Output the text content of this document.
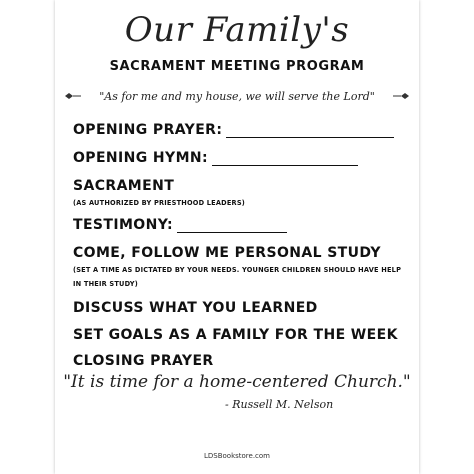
Our Family's
SACRAMENT MEETING PROGRAM
"As for me and my house, we will serve the Lord"
OPENING PRAYER:
OPENING HYMN:
SACRAMENT
(AS AUTHORIZED BY PRIESTHOOD LEADERS)
TESTIMONY:
COME, FOLLOW ME PERSONAL STUDY
(SET A TIME AS DICTATED BY YOUR NEEDS. YOUNGER CHILDREN SHOULD HAVE HELP
IN THEIR STUDY)
DISCUSS WHAT YOU LEARNED
SET GOALS AS A FAMILY FOR THE WEEK
CLOSING PRAYER
"It is time for a home-centered Church."
- Russell M. Nelson
LDSBookstore.com
